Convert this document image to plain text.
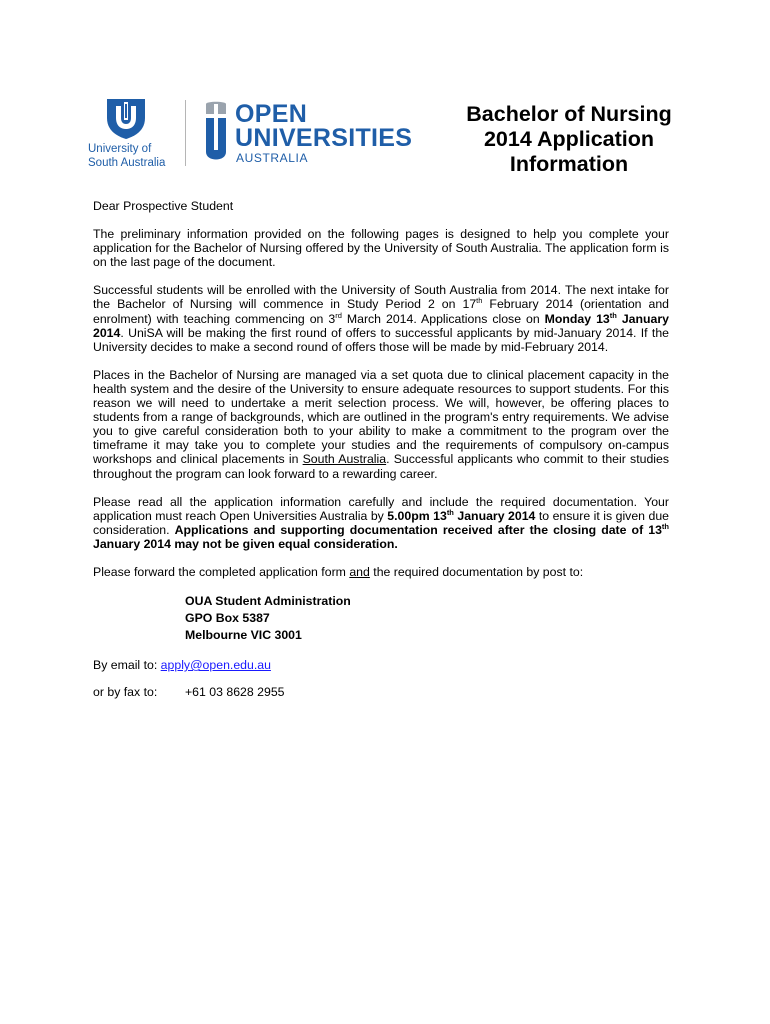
University of
South Australia
OPEN
UNIVERSITIES
AUSTRALIA
Bachelor of Nursing
2014 Application
Information

Dear Prospective Student

The preliminary information provided on the following pages is designed to help you complete your application for the Bachelor of Nursing offered by the University of South Australia. The application form is on the last page of the document.

Successful students will be enrolled with the University of South Australia from 2014. The next intake for the Bachelor of Nursing will commence in Study Period 2 on 17th February 2014 (orientation and enrolment) with teaching commencing on 3rd March 2014. Applications close on Monday 13th January 2014. UniSA will be making the first round of offers to successful applicants by mid-January 2014. If the University decides to make a second round of offers those will be made by mid-February 2014.

Places in the Bachelor of Nursing are managed via a set quota due to clinical placement capacity in the health system and the desire of the University to ensure adequate resources to support students. For this reason we will need to undertake a merit selection process. We will, however, be offering places to students from a range of backgrounds, which are outlined in the program's entry requirements. We advise you to give careful consideration both to your ability to make a commitment to the program over the timeframe it may take you to complete your studies and the requirements of compulsory on-campus workshops and clinical placements in South Australia. Successful applicants who commit to their studies throughout the program can look forward to a rewarding career.

Please read all the application information carefully and include the required documentation. Your application must reach Open Universities Australia by 5.00pm 13th January 2014 to ensure it is given due consideration. Applications and supporting documentation received after the closing date of 13th January 2014 may not be given equal consideration.

Please forward the completed application form and the required documentation by post to:

OUA Student Administration
GPO Box 5387
Melbourne VIC 3001
By email to: apply@open.edu.au
or by fax to: +61 03 8628 2955
